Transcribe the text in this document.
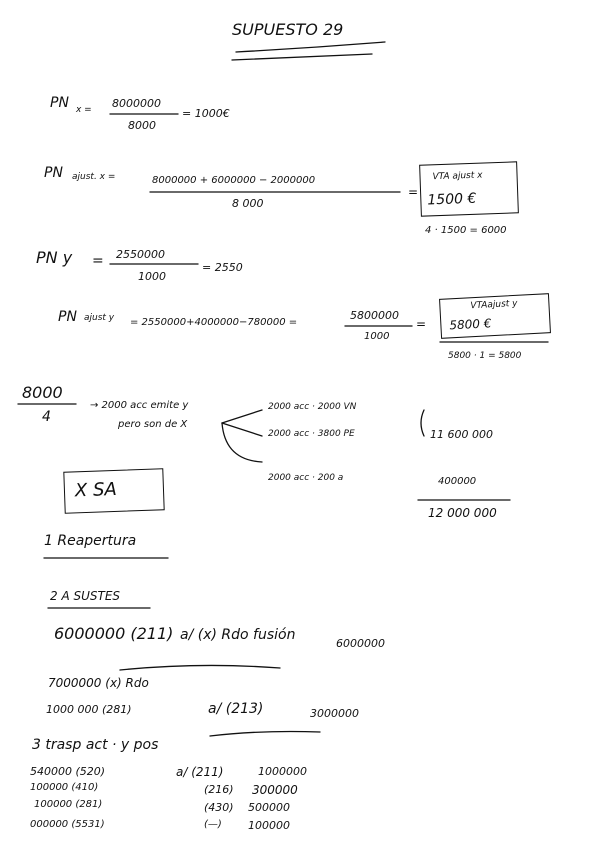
SUPUESTO 29
PN x = 8000000
8000
= 1000€
PN ajust. x =	8000000 + 6000000 − 2000000
8 000
=
VTA ajust x
1500 €
4 · 1500 = 6000
PN y = 2550000
1000
= 2550
PN ajust y = 2550000+4000000−780000 =
5800000
1000
=
VTAajust y
5800 €
5800 · 1 = 5800
8000
4
→ 2000 acc emite y
pero son de X
2000 acc · 2000 VN
2000 acc · 3800 PE	11 600 000
2000 acc · 200 a	400000
12 000 000
X SA
1 Reapertura
2 A SUSTES
6000000 (211) a/ (x) Rdo fusión
6000000
7000000 (x) Rdo
1000 000 (281)	a/ (213)	3000000
3 trasp act · y pos
540000 (520)	a/ (211)	1000000
100000 (410)	(216) 300000
100000 (281)	(430) 500000
000000 (5531)	(—) 100000
